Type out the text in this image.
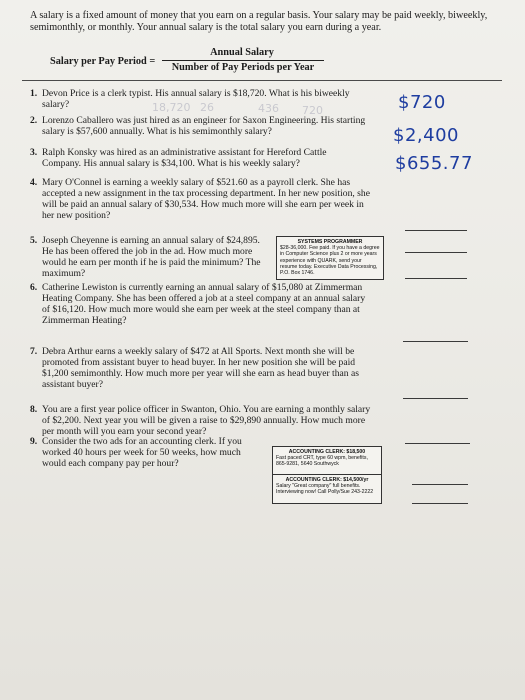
A salary is a fixed amount of money that you earn on a regular basis. Your salary may be paid weekly, biweekly, semimonthly, or monthly. Your annual salary is the total salary you earn during a year.
Salary per Pay Period =
Annual Salary
Number of Pay Periods per Year
1. Devon Price is a clerk typist. His annual salary is $18,720. What is his biweekly salary?	18,720 26	436 720	$720
2. Lorenzo Caballero was just hired as an engineer for Saxon Engineering. His starting salary is $57,600 annually. What is his semimonthly salary?	$2,400
3. Ralph Konsky was hired as an administrative assistant for Hereford Cattle Company. His annual salary is $34,100. What is his weekly salary?	$655.77
4. Mary O'Connel is earning a weekly salary of $521.60 as a payroll clerk. She has accepted a new assignment in the tax processing department. In her new position, she will be paid an annual salary of $30,534. How much more will she earn per week in her new position?
5. Joseph Cheyenne is earning an annual salary of $24,895. He has been offered the job in the ad. How much more would he earn per month if he is paid the minimum? The maximum?
SYSTEMS PROGRAMMER
$28-36,000. Fee paid. If you have a degree in Computer Science plus 2 or more years experience with QUARK, send your resume today. Executive Data Processing, P.O. Box 1746.
6. Catherine Lewiston is currently earning an annual salary of $15,080 at Zimmerman Heating Company. She has been offered a job at a steel company at an annual salary of $16,120. How much more would she earn per week at the steel company than at Zimmerman Heating?
7. Debra Arthur earns a weekly salary of $472 at All Sports. Next month she will be promoted from assistant buyer to head buyer. In her new position she will be paid $1,200 semimonthly. How much more per year will she earn as head buyer than as assistant buyer?
8. You are a first year police officer in Swanton, Ohio. You are earning a monthly salary of $2,200. Next year you will be given a raise to $29,890 annually. How much more per month will you earn your second year?
9. Consider the two ads for an accounting clerk. If you worked 40 hours per week for 50 weeks, how much would each company pay per hour?
ACCOUNTING CLERK: $18,500
Fast paced CRT, type 60 wpm, benefits, 865-9281, 5640 Southwyck
ACCOUNTING CLERK: $14,500/yr
Salary "Great company" full benefits. Interviewing now! Call Polly/Sue 243-2222
